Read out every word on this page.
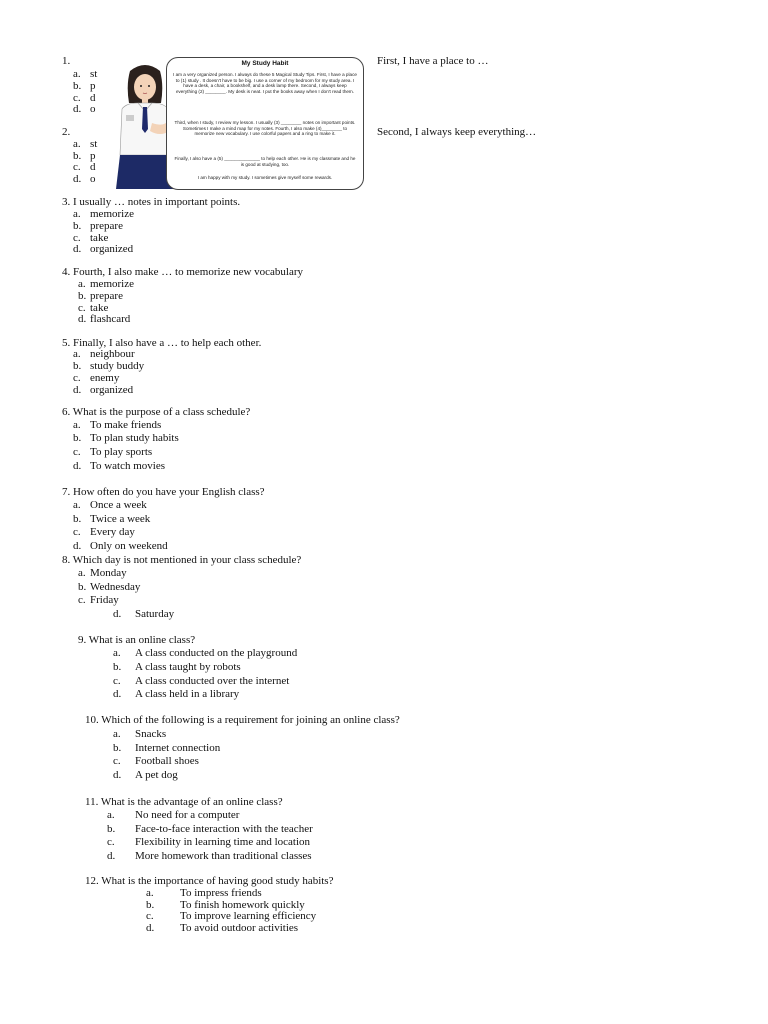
1.	First, I have a place to …
a. st
b. p
c. d
d. o
2.	Second, I always keep everything…
a. st
b. p
c. d
d. o
My Study Habit
I am a very organized person. I always do these 5 Magical Study Tips. First, I have a place to (1) study . It doesn't have to be big. I use a corner of my bedroom for my study area. I have a desk, a chair, a bookshelf, and a desk lamp there. Second, I always keep everything (2) ________. My desk is neat. I put the books away when I don't read them.
Third, when I study, I review my lesson. I usually (3) ________ notes on important points. Sometimes I make a mind map for my notes. Fourth, I also make (4)________ to memorize new vocabulary. I use colorful papers and a ring to make it.
Finally, I also have a (5) ______________ to help each other. He is my classmate and he is good at studying, too.
I am happy with my study. I sometimes give myself some rewards.
3. I usually … notes in important points.
a. memorize
b. prepare
c. take
d. organized
4. Fourth, I also make … to memorize new vocabulary
a. memorize
b. prepare
c. take
d. flashcard
5. Finally, I also have a … to help each other.
a. neighbour
b. study buddy
c. enemy
d. organized
6. What is the purpose of a class schedule?
a. To make friends
b. To plan study habits
c. To play sports
d. To watch movies
7. How often do you have your English class?
a. Once a week
b. Twice a week
c. Every day
d. Only on weekend
8. Which day is not mentioned in your class schedule?
a. Monday
b. Wednesday
c. Friday
d. Saturday
9. What is an online class?
a. A class conducted on the playground
b. A class taught by robots
c. A class conducted over the internet
d. A class held in a library
10. Which of the following is a requirement for joining an online class?
a. Snacks
b. Internet connection
c. Football shoes
d. A pet dog
11. What is the advantage of an online class?
a. No need for a computer
b. Face-to-face interaction with the teacher
c. Flexibility in learning time and location
d. More homework than traditional classes
12. What is the importance of having good study habits?
a. To impress friends
b. To finish homework quickly
c. To improve learning efficiency
d. To avoid outdoor activities
